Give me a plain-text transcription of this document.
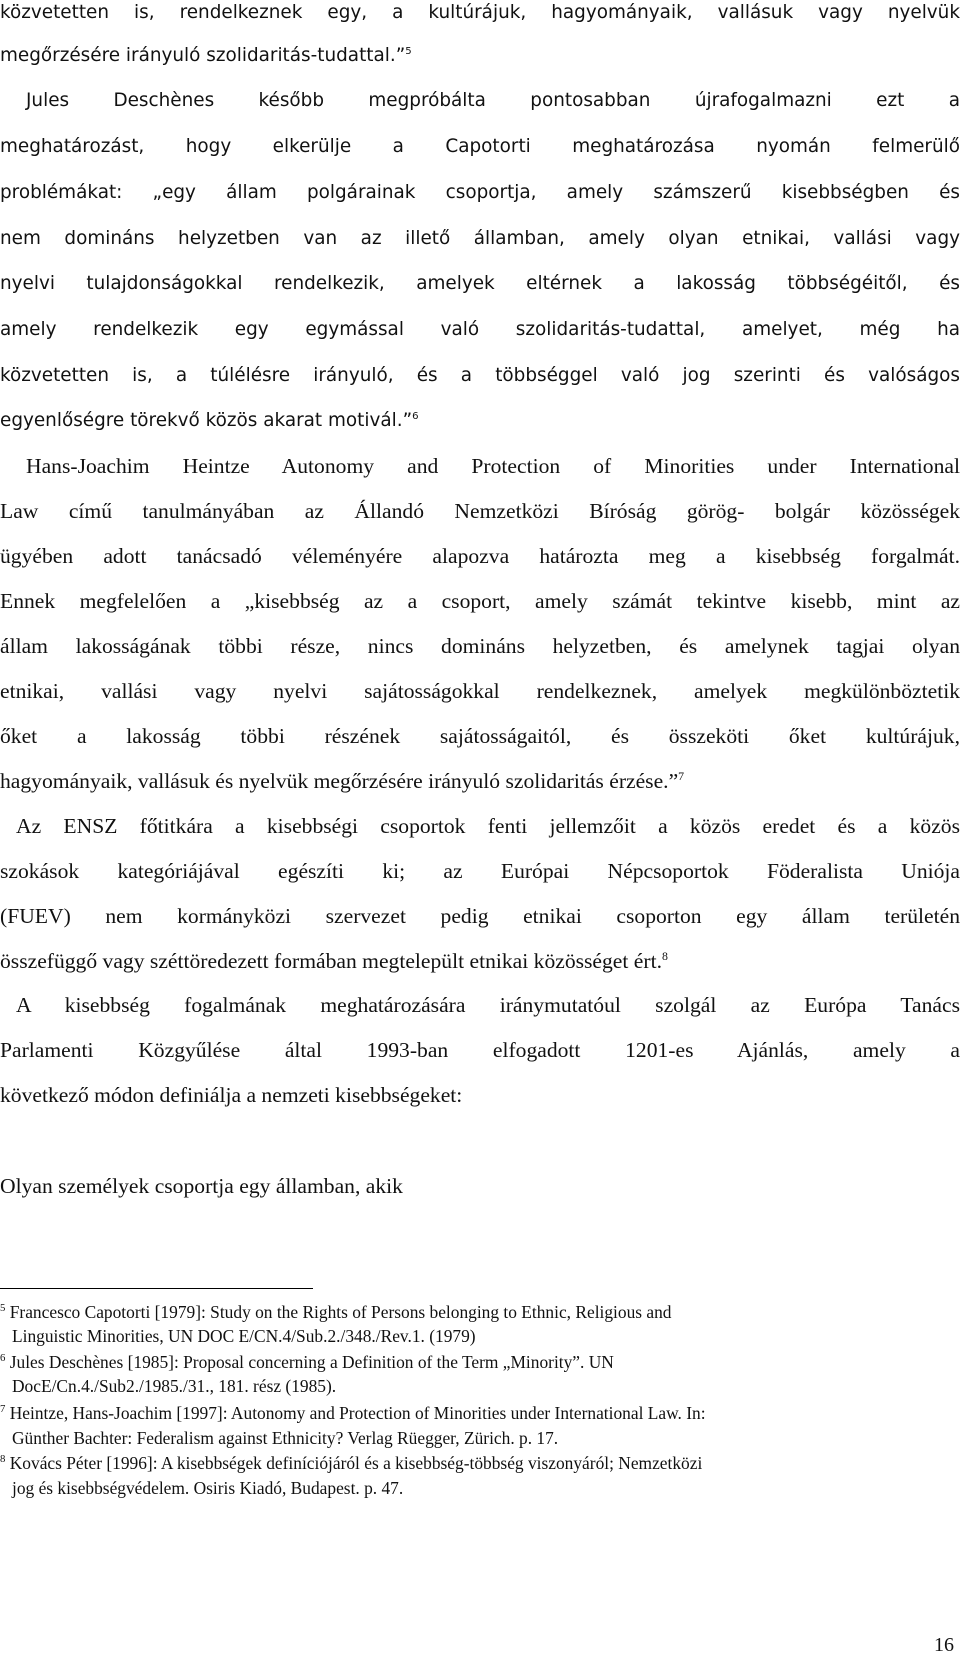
közvetetten is, rendelkeznek egy, a kultúrájuk, hagyományaik, vallásuk vagy nyelvük
megőrzésére irányuló szolidaritás-tudattal.”$^5$
Jules Deschènes később megpróbálta pontosabban újrafogalmazni ezt a
meghatározást, hogy elkerülje a Capotorti meghatározása nyomán felmerülő
problémákat: „egy állam polgárainak csoportja, amely számszerű kisebbségben és
nem domináns helyzetben van az illető államban, amely olyan etnikai, vallási vagy
nyelvi tulajdonságokkal rendelkezik, amelyek eltérnek a lakosság többségéitől, és
amely rendelkezik egy egymással való szolidaritás-tudattal, amelyet, még ha
közvetetten is, a túlélésre irányuló, és a többséggel való jog szerinti és valóságos
egyenlőségre törekvő közös akarat motivál.”$^6$
Hans-Joachim Heintze Autonomy and Protection of Minorities under International
Law című tanulmányában az Állandó Nemzetközi Bíróság görög- bolgár közösségek
ügyében adott tanácsadó véleményére alapozva határozta meg a kisebbség forgalmát.
Ennek megfelelően a „kisebbség az a csoport, amely számát tekintve kisebb, mint az
állam lakosságának többi része, nincs domináns helyzetben, és amelynek tagjai olyan
etnikai, vallási vagy nyelvi sajátosságokkal rendelkeznek, amelyek megkülönböztetik
őket a lakosság többi részének sajátosságaitól, és összeköti őket kultúrájuk,
hagyományaik, vallásuk és nyelvük megőrzésére irányuló szolidaritás érzése.”$^7$
Az ENSZ főtitkára a kisebbségi csoportok fenti jellemzőit a közös eredet és a közös
szokások kategóriájával egészíti ki; az Európai Népcsoportok Föderalista Uniója
(FUEV) nem kormányközi szervezet pedig etnikai csoporton egy állam területén
összefüggő vagy széttöredezett formában megtelepült etnikai közösséget ért.$^8$
A kisebbség fogalmának meghatározására iránymutatóul szolgál az Európa Tanács
Parlamenti Közgyűlése által 1993-ban elfogadott 1201-es Ajánlás, amely a
következő módon definiálja a nemzeti kisebbségeket:
Olyan személyek csoportja egy államban, akik
$^5$ Francesco Capotorti [1979]: Study on the Rights of Persons belonging to Ethnic, Religious and
Linguistic Minorities, UN DOC E/CN.4/Sub.2./348./Rev.1. (1979)
$^6$ Jules Deschènes [1985]: Proposal concerning a Definition of the Term „Minority”. UN
DocE/Cn.4./Sub2./1985./31., 181. rész (1985).
$^7$ Heintze, Hans-Joachim [1997]: Autonomy and Protection of Minorities under International Law. In:
Günther Bachter: Federalism against Ethnicity? Verlag Rüegger, Zürich. p. 17.
$^8$ Kovács Péter [1996]: A kisebbségek definíciójáról és a kisebbség-többség viszonyáról; Nemzetközi
jog és kisebbségvédelem. Osiris Kiadó, Budapest. p. 47.
16
